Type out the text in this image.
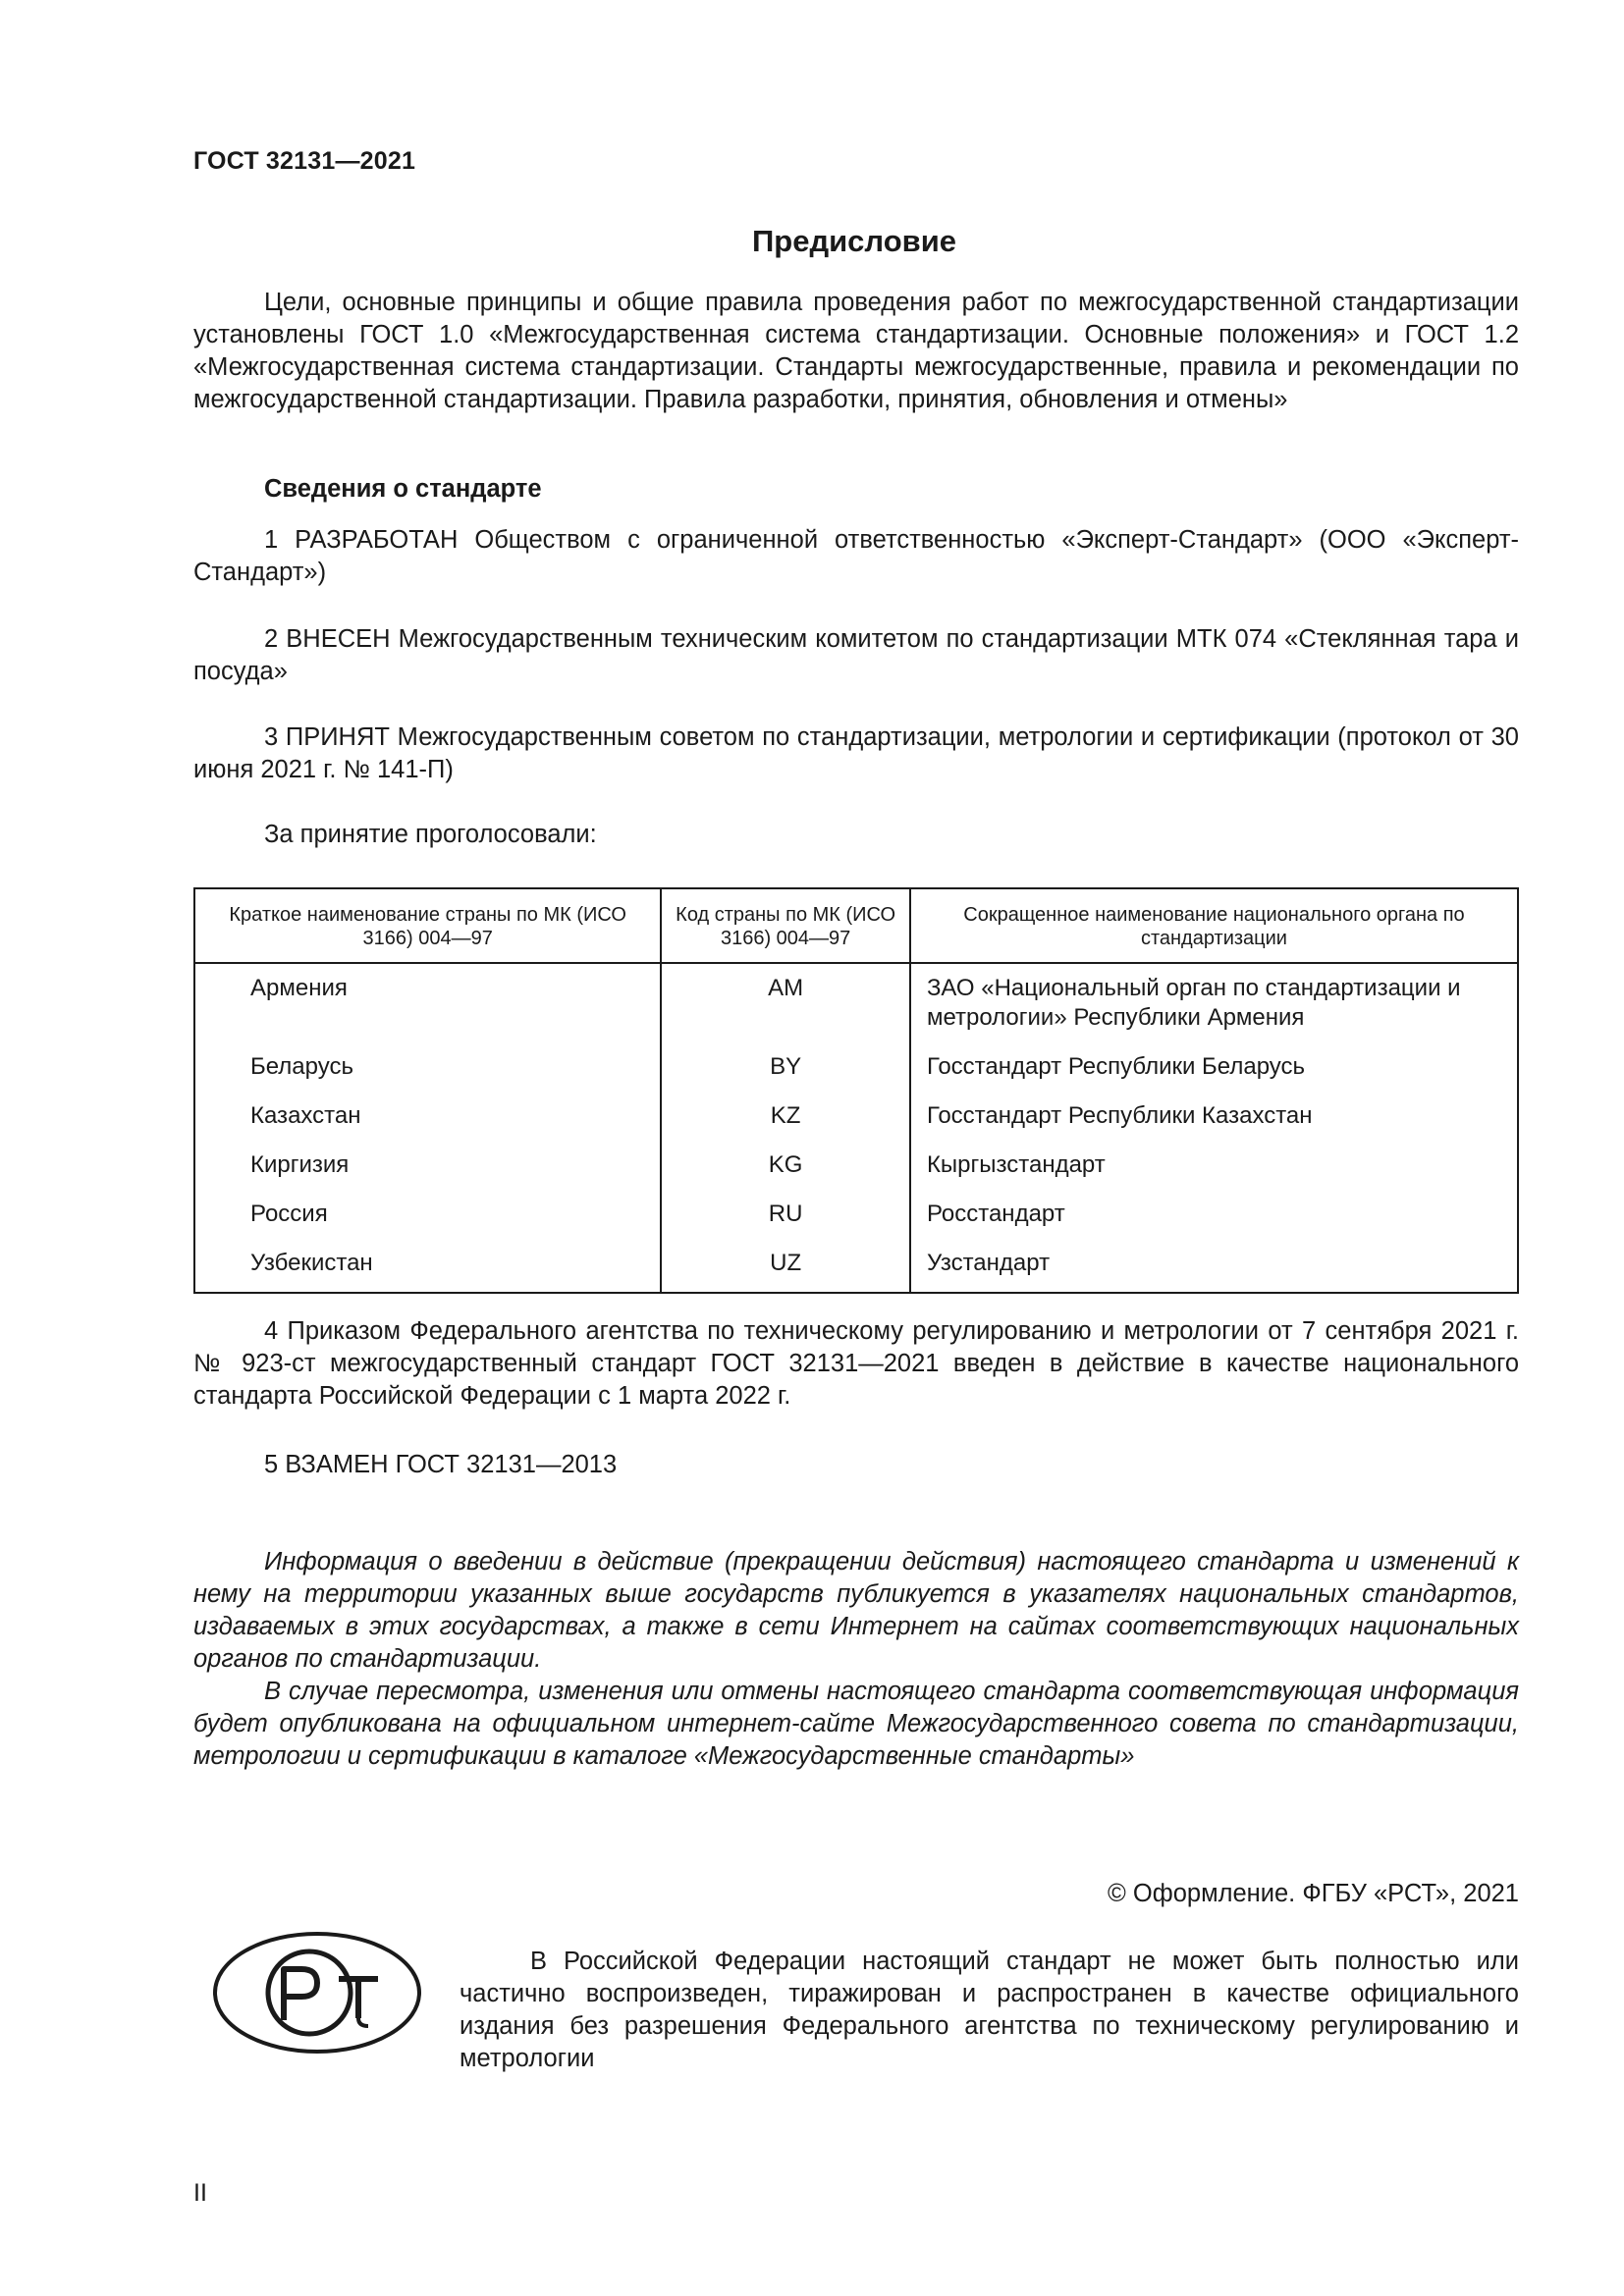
ГОСТ 32131—2021
Предисловие

Цели, основные принципы и общие правила проведения работ по межгосударственной стандартизации установлены ГОСТ 1.0 «Межгосударственная система стандартизации. Основные положения» и ГОСТ 1.2 «Межгосударственная система стандартизации. Стандарты межгосударственные, правила и рекомендации по межгосударственной стандартизации. Правила разработки, принятия, обновления и отмены»

Сведения о стандарте

1 РАЗРАБОТАН Обществом с ограниченной ответственностью «Эксперт-Стандарт» (ООО «Эксперт-Стандарт»)

2 ВНЕСЕН Межгосударственным техническим комитетом по стандартизации МТК 074 «Стеклянная тара и посуда»

3 ПРИНЯТ Межгосударственным советом по стандартизации, метрологии и сертификации (протокол от 30 июня 2021 г. № 141-П)

За принятие проголосовали:
Краткое наименование страны по МК (ИСО 3166) 004—97	Код страны по МК (ИСО 3166) 004—97	Сокращенное наименование национального органа по стандартизации
Армения	AM	ЗАО «Национальный орган по стандартизации и метрологии» Республики Армения
Беларусь	BY	Госстандарт Республики Беларусь
Казахстан	KZ	Госстандарт Республики Казахстан
Киргизия	KG	Кыргызстандарт
Россия	RU	Росстандарт
Узбекистан	UZ	Узстандарт

4 Приказом Федерального агентства по техническому регулированию и метрологии от 7 сентября 2021 г. № 923-ст межгосударственный стандарт ГОСТ 32131—2021 введен в действие в качестве национального стандарта Российской Федерации с 1 марта 2022 г.

5 ВЗАМЕН ГОСТ 32131—2013

Информация о введении в действие (прекращении действия) настоящего стандарта и изменений к нему на территории указанных выше государств публикуется в указателях национальных стандартов, издаваемых в этих государствах, а также в сети Интернет на сайтах соответствующих национальных органов по стандартизации.

В случае пересмотра, изменения или отмены настоящего стандарта соответствующая информация будет опубликована на официальном интернет-сайте Межгосударственного совета по стандартизации, метрологии и сертификации в каталоге «Межгосударственные стандарты»

© Оформление. ФГБУ «РСТ», 2021

В Российской Федерации настоящий стандарт не может быть полностью или частично воспроизведен, тиражирован и распространен в качестве официального издания без разрешения Федерального агентства по техническому регулированию и метрологии

II
